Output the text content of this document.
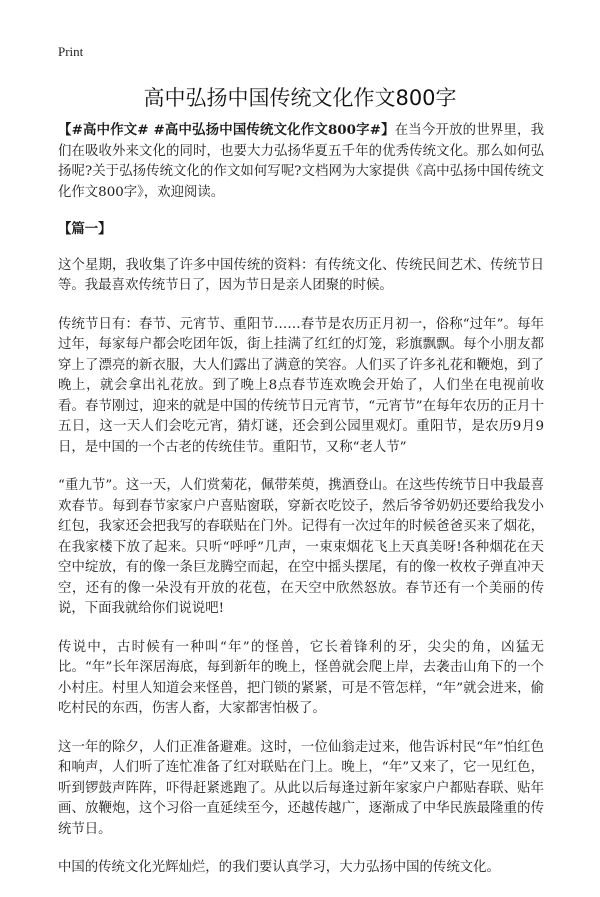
Print
高中弘扬中国传统文化作文800字

【#高中作文# #高中弘扬中国传统文化作文800字#】在当今开放的世界里，我们在吸收外来文化的同时，也要大力弘扬华夏五千年的优秀传统文化。那么如何弘扬呢?关于弘扬传统文化的作文如何写呢?文档网为大家提供《高中弘扬中国传统文化作文800字》，欢迎阅读。

【篇一】

这个星期，我收集了许多中国传统的资料：有传统文化、传统民间艺术、传统节日等。我最喜欢传统节日了，因为节日是亲人团聚的时候。

传统节日有：春节、元宵节、重阳节……春节是农历正月初一，俗称“过年”。每年过年，每家每户都会吃团年饭，街上挂满了红红的灯笼，彩旗飘飘。每个小朋友都穿上了漂亮的新衣服，大人们露出了满意的笑容。人们买了许多礼花和鞭炮，到了晚上，就会拿出礼花放。到了晚上8点春节连欢晚会开始了，人们坐在电视前收看。春节刚过，迎来的就是中国的传统节日元宵节，“元宵节”在每年农历的正月十五日，这一天人们会吃元宵，猜灯谜，还会到公园里观灯。重阳节，是农历9月9日，是中国的一个古老的传统佳节。重阳节，又称“老人节”

“重九节”。这一天，人们赏菊花，佩带茱萸，携酒登山。在这些传统节日中我最喜欢春节。每到春节家家户户喜贴窗联，穿新衣吃饺子，然后爷爷奶奶还要给我发小红包，我家还会把我写的春联贴在门外。记得有一次过年的时候爸爸买来了烟花，在我家楼下放了起来。只听“呼呼”几声，一束束烟花飞上天真美呀!各种烟花在天空中绽放，有的像一条巨龙腾空而起，在空中摇头摆尾，有的像一枚枚子弹直冲天空，还有的像一朵没有开放的花苞，在天空中欣然怒放。春节还有一个美丽的传说，下面我就给你们说说吧!

传说中，古时候有一种叫“年”的怪兽，它长着锋利的牙，尖尖的角，凶猛无比。“年”长年深居海底，每到新年的晚上，怪兽就会爬上岸，去袭击山角下的一个小村庄。村里人知道会来怪兽，把门锁的紧紧，可是不管怎样，“年”就会进来，偷吃村民的东西，伤害人畜，大家都害怕极了。

这一年的除夕，人们正准备避难。这时，一位仙翁走过来，他告诉村民“年”怕红色和响声，人们听了连忙准备了红对联贴在门上。晚上，“年”又来了，它一见红色，听到锣鼓声阵阵，吓得赶紧逃跑了。从此以后每逢过新年家家户户都贴春联、贴年画、放鞭炮，这个习俗一直延续至今，还越传越广，逐渐成了中华民族最隆重的传统节日。

中国的传统文化光辉灿烂，的我们要认真学习，大力弘扬中国的传统文化。
